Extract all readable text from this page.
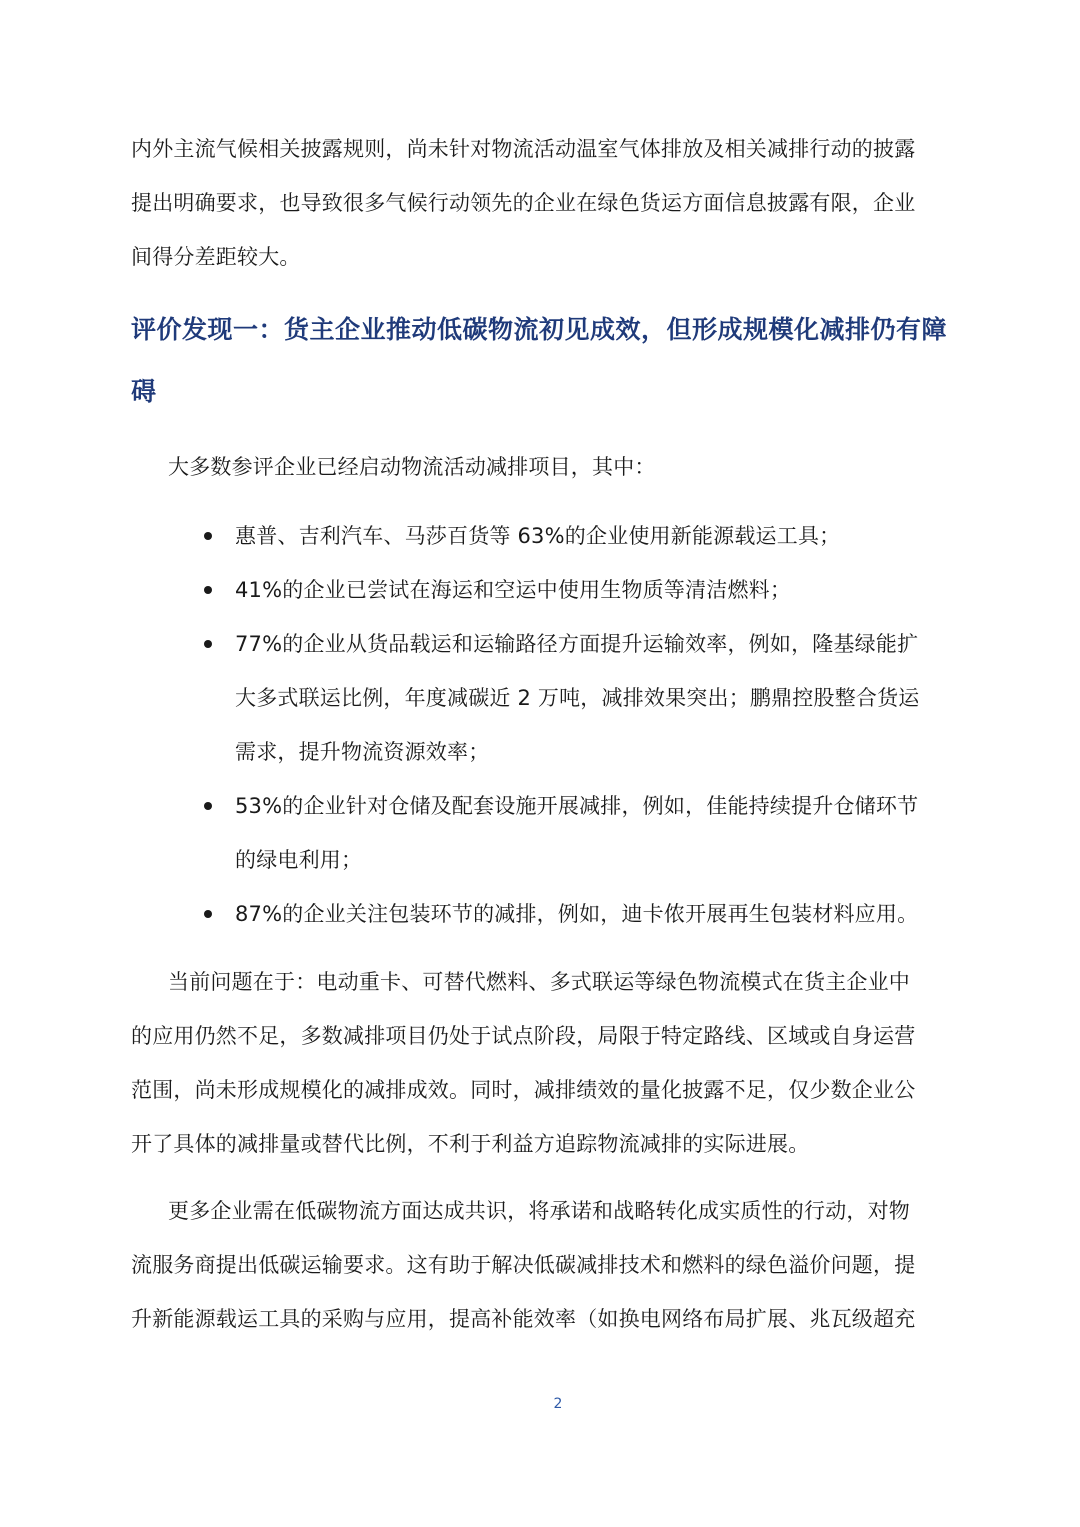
内外主流气候相关披露规则，尚未针对物流活动温室气体排放及相关减排行动的披露
提出明确要求，也导致很多气候行动领先的企业在绿色货运方面信息披露有限，企业
间得分差距较大。
评价发现一：货主企业推动低碳物流初见成效，但形成规模化减排仍有障
碍
大多数参评企业已经启动物流活动减排项目，其中：
惠普、吉利汽车、马莎百货等 63%的企业使用新能源载运工具；
41%的企业已尝试在海运和空运中使用生物质等清洁燃料；
77%的企业从货品载运和运输路径方面提升运输效率，例如，隆基绿能扩
大多式联运比例，年度减碳近 2 万吨，减排效果突出；鹏鼎控股整合货运
需求，提升物流资源效率；
53%的企业针对仓储及配套设施开展减排，例如，佳能持续提升仓储环节
的绿电利用；
87%的企业关注包装环节的减排，例如，迪卡侬开展再生包装材料应用。
当前问题在于：电动重卡、可替代燃料、多式联运等绿色物流模式在货主企业中
的应用仍然不足，多数减排项目仍处于试点阶段，局限于特定路线、区域或自身运营
范围，尚未形成规模化的减排成效。同时，减排绩效的量化披露不足，仅少数企业公
开了具体的减排量或替代比例，不利于利益方追踪物流减排的实际进展。
更多企业需在低碳物流方面达成共识，将承诺和战略转化成实质性的行动，对物
流服务商提出低碳运输要求。这有助于解决低碳减排技术和燃料的绿色溢价问题，提
升新能源载运工具的采购与应用，提高补能效率（如换电网络布局扩展、兆瓦级超充
2
